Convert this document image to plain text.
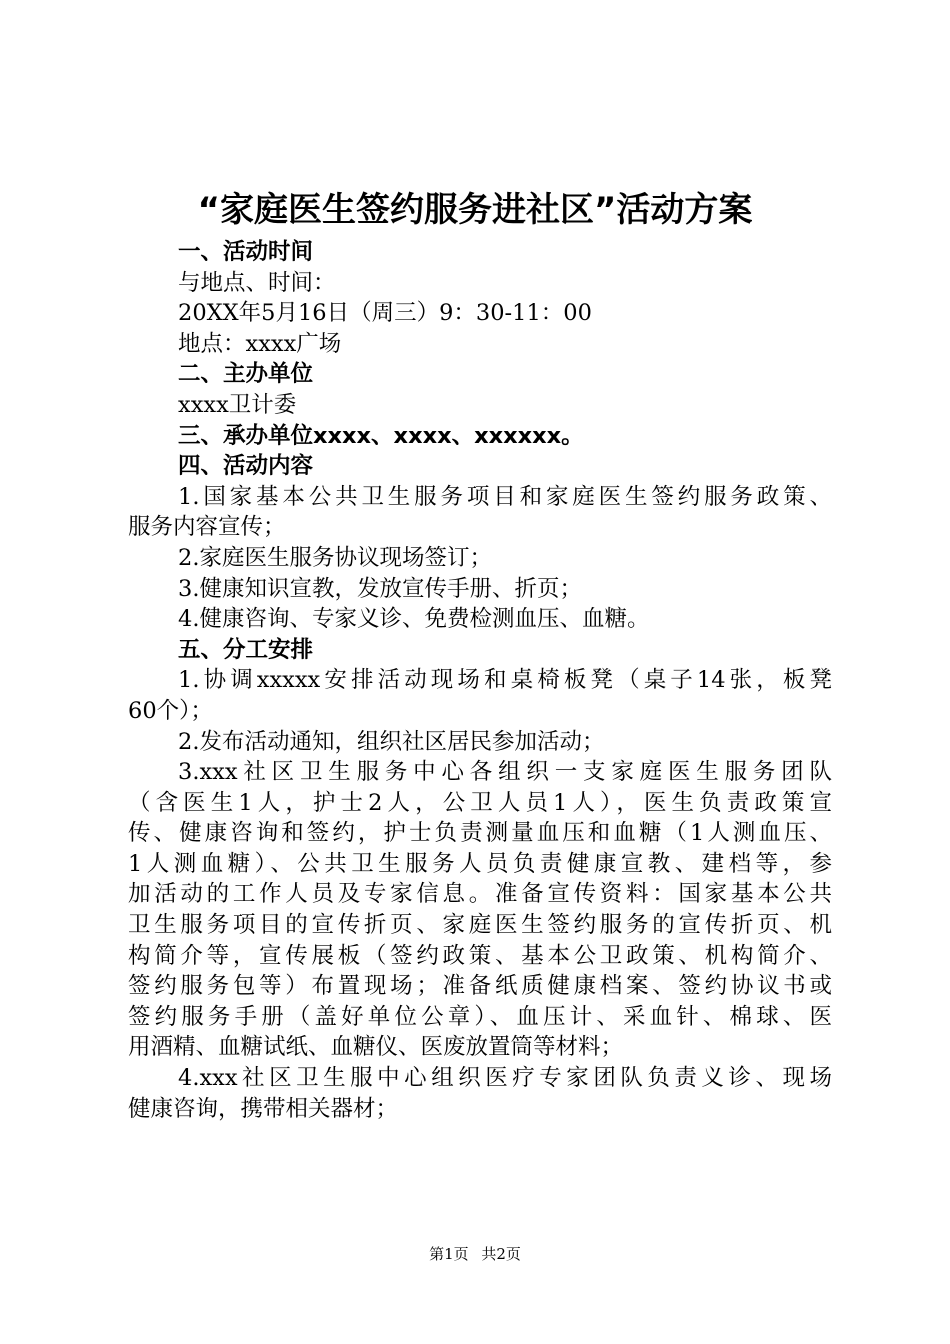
“家庭医生签约服务进社区”活动方案
一、活动时间
与地点、时间：
20XX年5月16日（周三）9：30-11：00
地点：xxxx广场
二、主办单位
xxxx卫计委
三、承办单位xxxx、xxxx、xxxxxx。
四、活动内容
1.国家基本公共卫生服务项目和家庭医生签约服务政策、
服务内容宣传；
2.家庭医生服务协议现场签订；
3.健康知识宣教，发放宣传手册、折页；
4.健康咨询、专家义诊、免费检测血压、血糖。
五、分工安排
1.协调xxxxx安排活动现场和桌椅板凳（桌子14张，板凳
60个）；
2.发布活动通知，组织社区居民参加活动；
3.xxx社区卫生服务中心各组织一支家庭医生服务团队
（含医生1人，护士2人，公卫人员1人），医生负责政策宣
传、健康咨询和签约，护士负责测量血压和血糖（1人测血压、
1人测血糖）、公共卫生服务人员负责健康宣教、建档等，参
加活动的工作人员及专家信息。准备宣传资料：国家基本公共
卫生服务项目的宣传折页、家庭医生签约服务的宣传折页、机
构简介等，宣传展板（签约政策、基本公卫政策、机构简介、
签约服务包等）布置现场；准备纸质健康档案、签约协议书或
签约服务手册（盖好单位公章）、血压计、采血针、棉球、医
用酒精、血糖试纸、血糖仪、医废放置筒等材料；
4.xxx社区卫生服中心组织医疗专家团队负责义诊、现场
健康咨询，携带相关器材；
第1页 共2页
